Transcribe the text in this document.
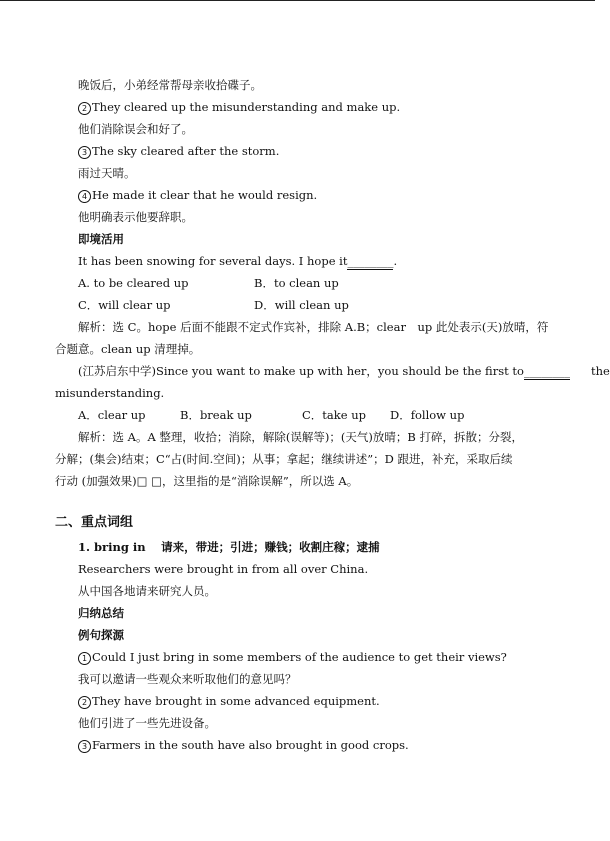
晚饭后，小弟经常帮母亲收拾碟子。
2 They cleared up the misunderstanding and make up.
他们消除误会和好了。
3 The sky cleared after the storm.
雨过天晴。
4 He made it clear that he would resign.
他明确表示他要辞职。
即境活用
It has been snowing for several days. I hope it________.
A. to be cleared up	B．to clean up
C．will clear up	D．will clean up
解析：选 C。hope 后面不能跟不定式作宾补，排除 A.B；clear　up 此处表示(天)放晴，符
合题意。clean up 清理掉。
(江苏启东中学)Since you want to make up with her，you should be the first to________ the
misunderstanding.
A．clear up	B．break up	C．take up D．follow up
解析：选 A。A 整理，收拾；消除，解除(误解等)；(天气)放晴；B 打碎，拆散；分裂，
分解；(集会)结束；C“占(时间.空间)；从事；拿起；继续讲述”；D 跟进，补充，采取后续
行动 (加强效果)□ □，这里指的是“消除误解”，所以选 A。
二、重点词组
1. bring in　 请来，带进；引进；赚钱；收割庄稼；逮捕
Researchers were brought in from all over China.
从中国各地请来研究人员。
归纳总结
例句探源
1 Could I just bring in some members of the audience to get their views?
我可以邀请一些观众来听取他们的意见吗？
2 They have brought in some advanced equipment.
他们引进了一些先进设备。
3 Farmers in the south have also brought in good crops.
